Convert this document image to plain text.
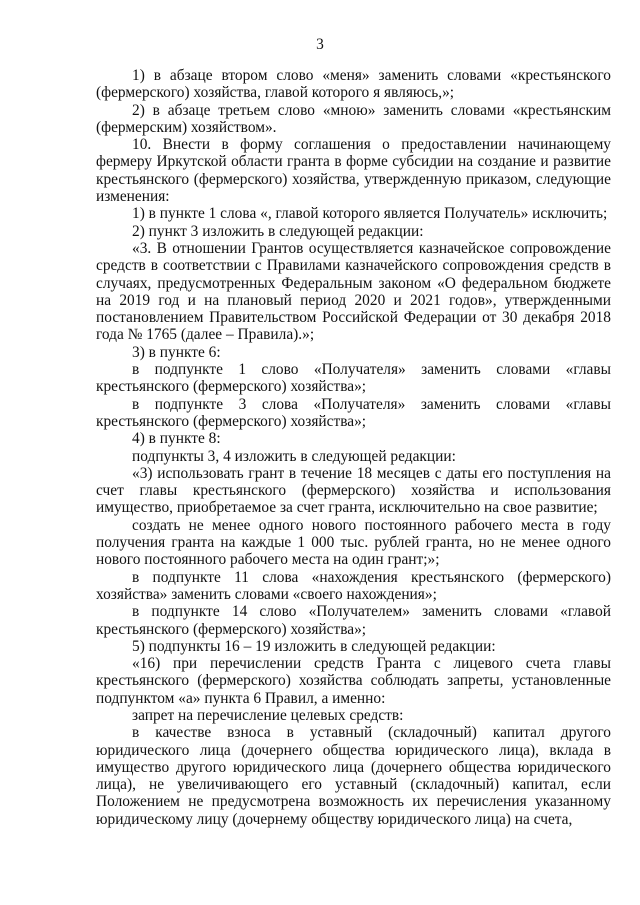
3

1) в абзаце втором слово «меня» заменить словами «крестьянского (фермерского) хозяйства, главой которого я являюсь,»;

2) в абзаце третьем слово «мною» заменить словами «крестьянским (фермерским) хозяйством».

10. Внести в форму соглашения о предоставлении начинающему фермеру Иркутской области гранта в форме субсидии на создание и развитие крестьянского (фермерского) хозяйства, утвержденную приказом, следующие изменения:

1) в пункте 1 слова «, главой которого является Получатель» исключить;

2) пункт 3 изложить в следующей редакции:

«3. В отношении Грантов осуществляется казначейское сопровождение средств в соответствии с Правилами казначейского сопровождения средств в случаях, предусмотренных Федеральным законом «О федеральном бюджете на 2019 год и на плановый период 2020 и 2021 годов», утвержденными постановлением Правительством Российской Федерации от 30 декабря 2018 года № 1765 (далее – Правила).»;

3) в пункте 6:

в подпункте 1 слово «Получателя» заменить словами «главы крестьянского (фермерского) хозяйства»;

в подпункте 3 слова «Получателя» заменить словами «главы крестьянского (фермерского) хозяйства»;

4) в пункте 8:

подпункты 3, 4 изложить в следующей редакции:

«3) использовать грант в течение 18 месяцев с даты его поступления на счет главы крестьянского (фермерского) хозяйства и использования имущество, приобретаемое за счет гранта, исключительно на свое развитие;

создать не менее одного нового постоянного рабочего места в году получения гранта на каждые 1 000 тыс. рублей гранта, но не менее одного нового постоянного рабочего места на один грант;»;

в подпункте 11 слова «нахождения крестьянского (фермерского) хозяйства» заменить словами «своего нахождения»;

в подпункте 14 слово «Получателем» заменить словами «главой крестьянского (фермерского) хозяйства»;

5) подпункты 16 – 19 изложить в следующей редакции:

«16) при перечислении средств Гранта с лицевого счета главы крестьянского (фермерского) хозяйства соблюдать запреты, установленные подпунктом «а» пункта 6 Правил, а именно:

запрет на перечисление целевых средств:

в качестве взноса в уставный (складочный) капитал другого юридического лица (дочернего общества юридического лица), вклада в имущество другого юридического лица (дочернего общества юридического лица), не увеличивающего его уставный (складочный) капитал, если Положением не предусмотрена возможность их перечисления указанному юридическому лицу (дочернему обществу юридического лица) на счета,
